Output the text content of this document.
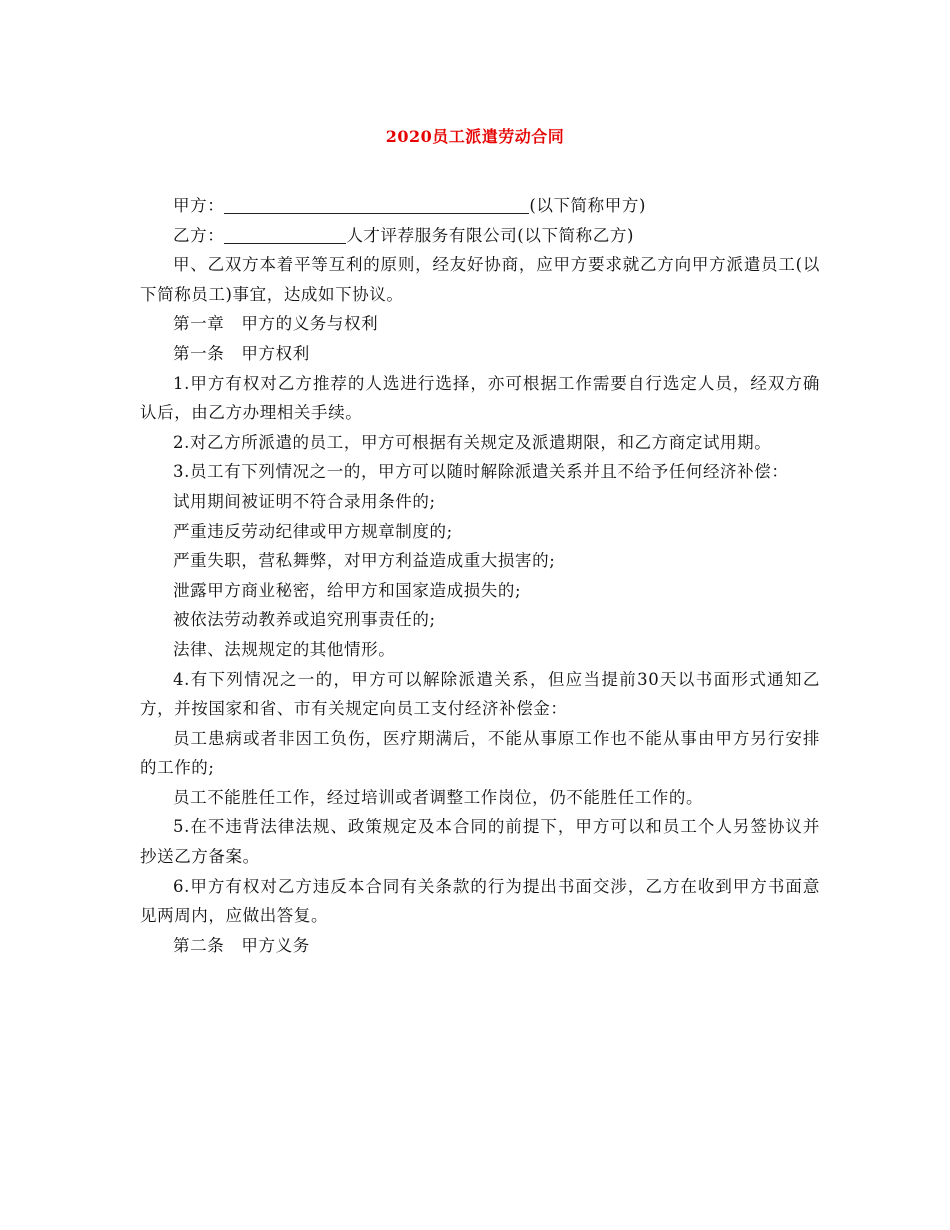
2020员工派遣劳动合同

甲方：	(以下简称甲方)

乙方：	人才评荐服务有限公司(以下简称乙方)

甲、乙双方本着平等互利的原则，经友好协商，应甲方要求就乙方向甲方派遣员工(以下简称员工)事宜，达成如下协议。

第一章　甲方的义务与权利

第一条　甲方权利

1.甲方有权对乙方推荐的人选进行选择，亦可根据工作需要自行选定人员，经双方确认后，由乙方办理相关手续。

2.对乙方所派遣的员工，甲方可根据有关规定及派遣期限，和乙方商定试用期。

3.员工有下列情况之一的，甲方可以随时解除派遣关系并且不给予任何经济补偿：

试用期间被证明不符合录用条件的;

严重违反劳动纪律或甲方规章制度的;

严重失职，营私舞弊，对甲方利益造成重大损害的;

泄露甲方商业秘密，给甲方和国家造成损失的;

被依法劳动教养或追究刑事责任的;

法律、法规规定的其他情形。

4.有下列情况之一的，甲方可以解除派遣关系，但应当提前30天以书面形式通知乙方，并按国家和省、市有关规定向员工支付经济补偿金：

员工患病或者非因工负伤，医疗期满后，不能从事原工作也不能从事由甲方另行安排的工作的;

员工不能胜任工作，经过培训或者调整工作岗位，仍不能胜任工作的。

5.在不违背法律法规、政策规定及本合同的前提下，甲方可以和员工个人另签协议并抄送乙方备案。

6.甲方有权对乙方违反本合同有关条款的行为提出书面交涉，乙方在收到甲方书面意见两周内，应做出答复。

第二条　甲方义务
